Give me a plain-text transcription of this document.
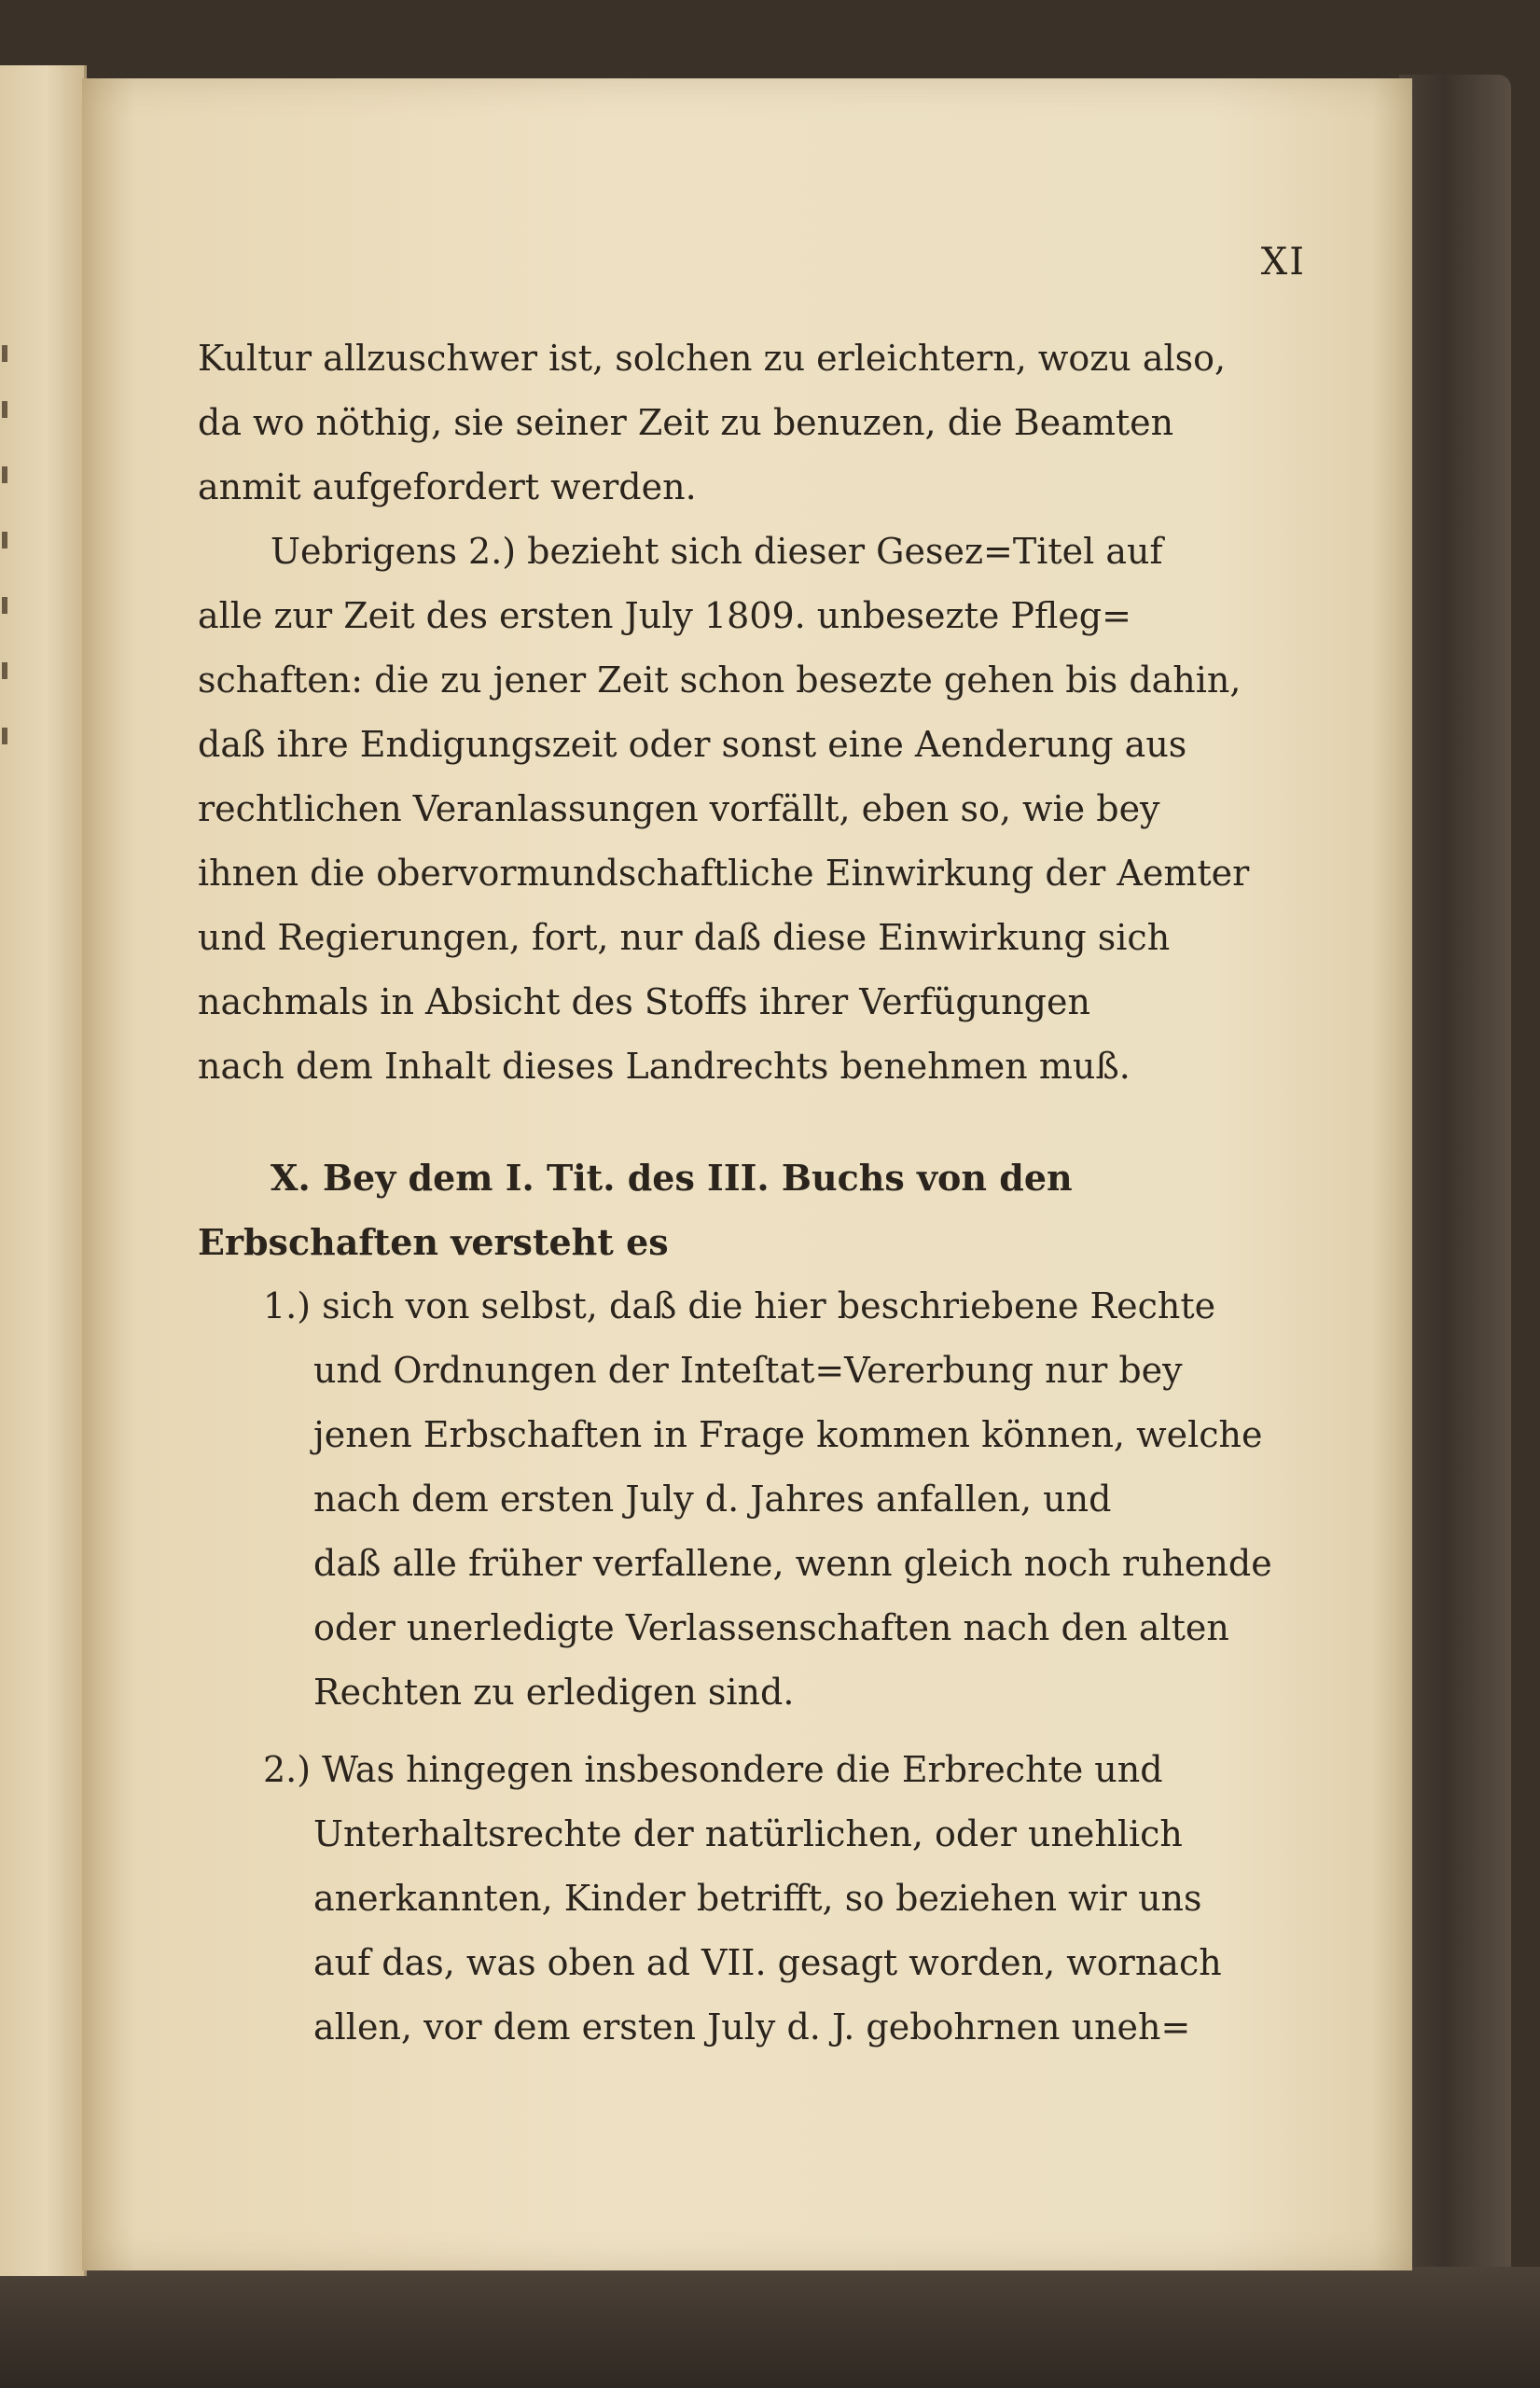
XI
Kultur allzuschwer ist, solchen zu erleichtern, wozu also,
da wo nöthig, sie seiner Zeit zu benuzen, die Beamten
anmit aufgefordert werden.
Uebrigens 2.) bezieht sich dieser Gesez=Titel auf
alle zur Zeit des ersten July 1809. unbesezte Pfleg=
schaften: die zu jener Zeit schon besezte gehen bis dahin,
daß ihre Endigungszeit oder sonst eine Aenderung aus
rechtlichen Veranlassungen vorfällt, eben so, wie bey
ihnen die obervormundschaftliche Einwirkung der Aemter
und Regierungen, fort, nur daß diese Einwirkung sich
nachmals in Absicht des Stoffs ihrer Verfügungen
nach dem Inhalt dieses Landrechts benehmen muß.
X. Bey dem I. Tit. des III. Buchs von den
Erbschaften versteht es
1.) sich von selbst, daß die hier beschriebene Rechte
und Ordnungen der Inteſtat=Vererbung nur bey
jenen Erbschaften in Frage kommen können, welche
nach dem ersten July d. Jahres anfallen, und
daß alle früher verfallene, wenn gleich noch ruhende
oder unerledigte Verlassenschaften nach den alten
Rechten zu erledigen sind.
2.) Was hingegen insbesondere die Erbrechte und
Unterhaltsrechte der natürlichen, oder unehlich
anerkannten, Kinder betrifft, so beziehen wir uns
auf das, was oben ad VII. gesagt worden, wornach
allen, vor dem ersten July d. J. gebohrnen uneh=
